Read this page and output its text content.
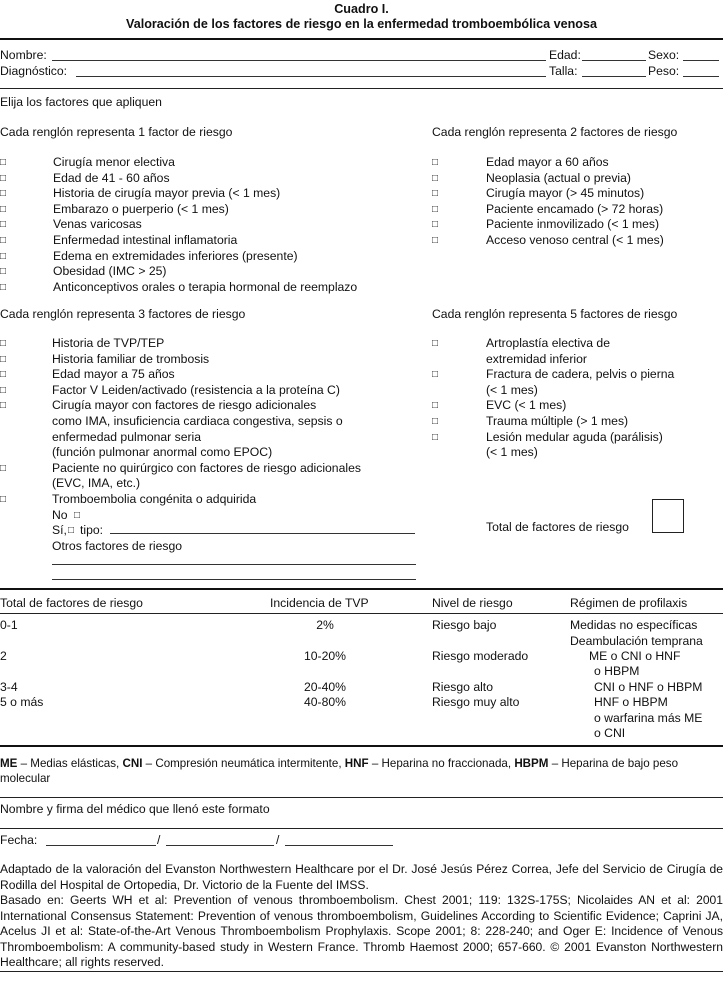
Cuadro I.
Valoración de los factores de riesgo en la enfermedad tromboembólica venosa
Nombre:	Edad:	Sexo:
Diagnóstico:	Talla:	Peso:
Elija los factores que apliquen
Cada renglón representa 1 factor de riesgo
□	Cirugía menor electiva
□	Edad de 41 - 60 años
□	Historia de cirugía mayor previa (< 1 mes)
□	Embarazo o puerperio (< 1 mes)
□	Venas varicosas
□	Enfermedad intestinal inflamatoria
□	Edema en extremidades inferiores (presente)
□	Obesidad (IMC > 25)
□	Anticonceptivos orales o terapia hormonal de reemplazo
Cada renglón representa 2 factores de riesgo
□	Edad mayor a 60 años
□	Neoplasia (actual o previa)
□	Cirugía mayor (> 45 minutos)
□	Paciente encamado (> 72 horas)
□	Paciente inmovilizado (< 1 mes)
□	Acceso venoso central (< 1 mes)
Cada renglón representa 3 factores de riesgo
□	Historia de TVP/TEP
□	Historia familiar de trombosis
□	Edad mayor a 75 años
□	Factor V Leiden/activado (resistencia a la proteína C)
□	Cirugía mayor con factores de riesgo adicionales
como IMA, insuficiencia cardiaca congestiva, sepsis o
enfermedad pulmonar seria
(función pulmonar anormal como EPOC)
□	Paciente no quirúrgico con factores de riesgo adicionales
(EVC, IMA, etc.)
□	Tromboembolia congénita o adquirida
No □
Sí, □ tipo:
Otros factores de riesgo
Cada renglón representa 5 factores de riesgo
□	Artroplastía electiva de
extremidad inferior
□	Fractura de cadera, pelvis o pierna
(< 1 mes)
□	EVC (< 1 mes)
□	Trauma múltiple (> 1 mes)
□	Lesión medular aguda (parálisis)
(< 1 mes)
Total de factores de riesgo
Total de factores de riesgo	Incidencia de TVP	Nivel de riesgo	Régimen de profilaxis
0-1	2%	Riesgo bajo	Medidas no específicas
Deambulación temprana
2	10-20%	Riesgo moderado	ME o CNI o HNF
o HBPM
3-4	20-40%	Riesgo alto	CNI o HNF o HBPM
5 o más	40-80%	Riesgo muy alto	HNF o HBPM
o warfarina más ME
o CNI
ME – Medias elásticas, CNI – Compresión neumática intermitente, HNF – Heparina no fraccionada, HBPM – Heparina de bajo peso
molecular
Nombre y firma del médico que llenó este formato
Fecha:	/	/
Adaptado de la valoración del Evanston Northwestern Healthcare por el Dr. José Jesús Pérez Correa, Jefe del Servicio de Cirugía de Rodilla del Hospital de Ortopedia, Dr. Victorio de la Fuente del IMSS.
Basado en: Geerts WH et al: Prevention of venous thromboembolism. Chest 2001; 119: 132S-175S; Nicolaides AN et al: 2001 International Consensus Statement: Prevention of venous thromboembolism, Guidelines According to Scientific Evidence; Caprini JA, Acelus JI et al: State-of-the-Art Venous Thromboembolism Prophylaxis. Scope 2001; 8: 228-240; and Oger E: Incidence of Venous Thromboembolism: A community-based study in Western France. Thromb Haemost 2000; 657-660. © 2001 Evanston Northwestern Healthcare; all rights reserved.
